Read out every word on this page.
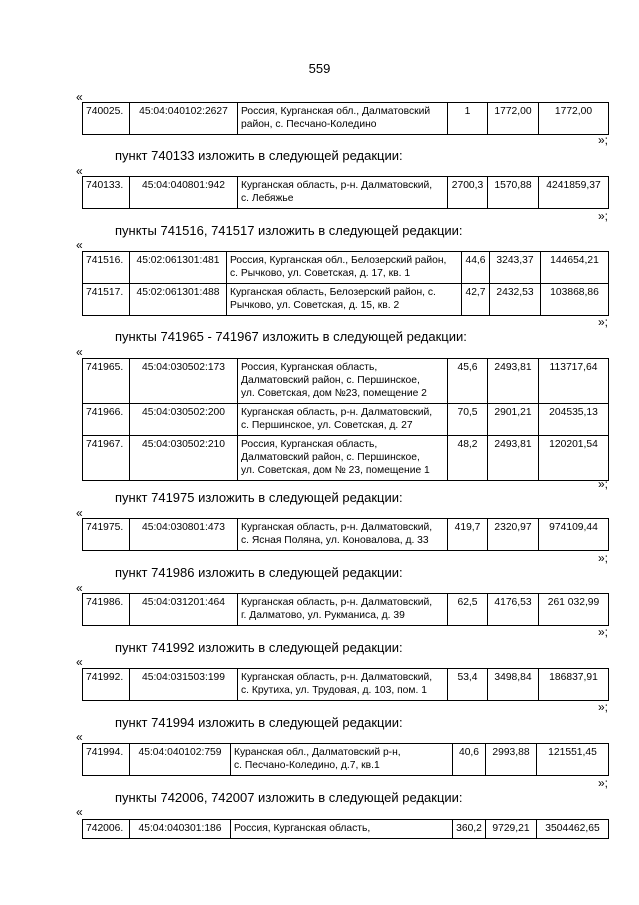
559
«
740025.	45:04:040102:2627	Россия, Курганская обл., Далматовский
район, с. Песчано-Коледино
	1	1772,00	1772,00
»;
пункт 740133 изложить в следующей редакции:
«
740133.	45:04:040801:942	Курганская область, р-н. Далматовский,
с. Лебяжье
	2700,3	1570,88	4241859,37
»;
пункты 741516, 741517 изложить в следующей редакции:
«
741516.	45:02:061301:481	Россия, Курганская обл., Белозерский район,
с. Рычково, ул. Советская, д. 17, кв. 1	44,6	3243,37	144654,21
741517.	45:02:061301:488	Курганская область, Белозерский район, с.
Рычково, ул. Советская, д. 15, кв. 2	42,7	2432,53	103868,86
»;
пункты 741965 - 741967 изложить в следующей редакции:
«
741965.	45:04:030502:173	Россия, Курганская область,
Далматовский район, с. Першинское,
ул. Советская, дом №23, помещение 2	45,6	2493,81	113717,64
741966.	45:04:030502:200	Курганская область, р-н. Далматовский,
с. Першинское, ул. Советская, д. 27	70,5	2901,21	204535,13
741967.	45:04:030502:210	Россия, Курганская область,
Далматовский район, с. Першинское,
ул. Советская, дом № 23, помещение 1	48,2	2493,81	120201,54
»;
пункт 741975 изложить в следующей редакции:
«
741975.	45:04:030801:473	Курганская область, р-н. Далматовский,
с. Ясная Поляна, ул. Коновалова, д. 33
	419,7	2320,97	974109,44
»;
пункт 741986 изложить в следующей редакции:
«
741986.	45:04:031201:464	Курганская область, р-н. Далматовский,
г. Далматово, ул. Рукманиса, д. 39
	62,5	4176,53	261 032,99
»;
пункт 741992 изложить в следующей редакции:
«
741992.	45:04:031503:199	Курганская область, р-н. Далматовский,
с. Крутиха, ул. Трудовая, д. 103, пом. 1
	53,4	3498,84	186837,91
»;
пункт 741994 изложить в следующей редакции:
«
741994.	45:04:040102:759	Куранская обл., Далматовский р-н,
с. Песчано-Коледино, д.7, кв.1
	40,6	2993,88	121551,45
»;
пункты 742006, 742007 изложить в следующей редакции:
«
742006.	45:04:040301:186	Россия, Курганская область,	360,2	9729,21	3504462,65
